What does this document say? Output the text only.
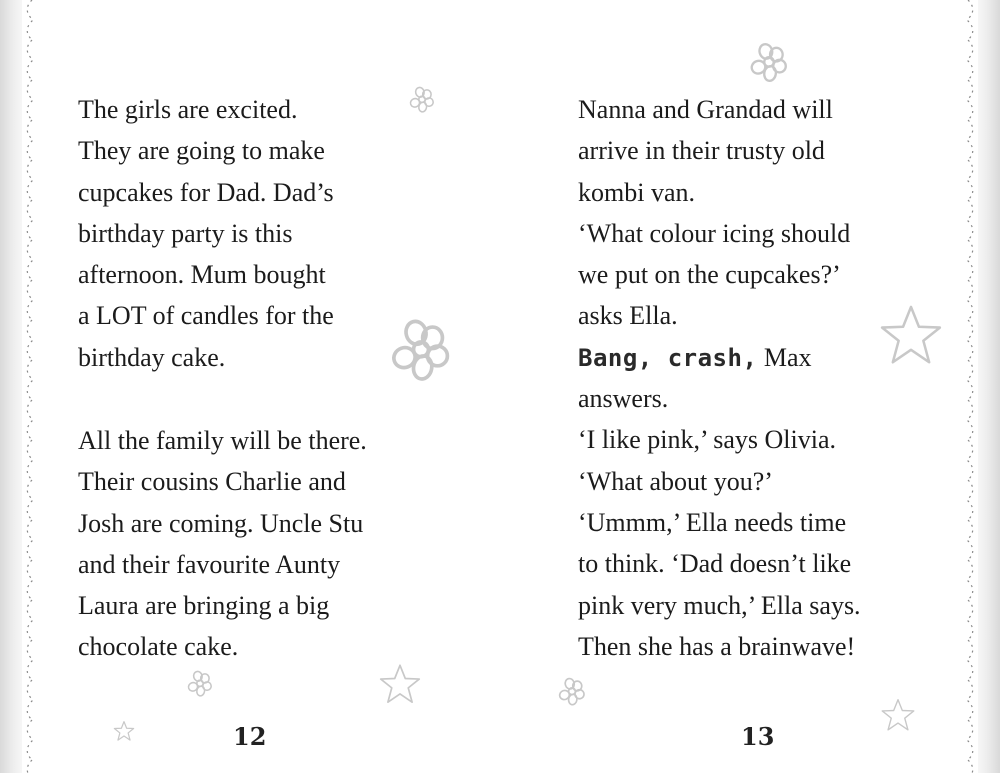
The girls are excited.
They are going to make
cupcakes for Dad. Dad’s
birthday party is this
afternoon. Mum bought
a LOT of candles for the
birthday cake.
All the family will be there.
Their cousins Charlie and
Josh are coming. Uncle Stu
and their favourite Aunty
Laura are bringing a big
chocolate cake.
12
Nanna and Grandad will
arrive in their trusty old
kombi van.
‘What colour icing should
we put on the cupcakes?’
asks Ella.
Bang, crash, Max
answers.
‘I like pink,’ says Olivia.
‘What about you?’
‘Ummm,’ Ella needs time
to think. ‘Dad doesn’t like
pink very much,’ Ella says.
Then she has a brainwave!
13
